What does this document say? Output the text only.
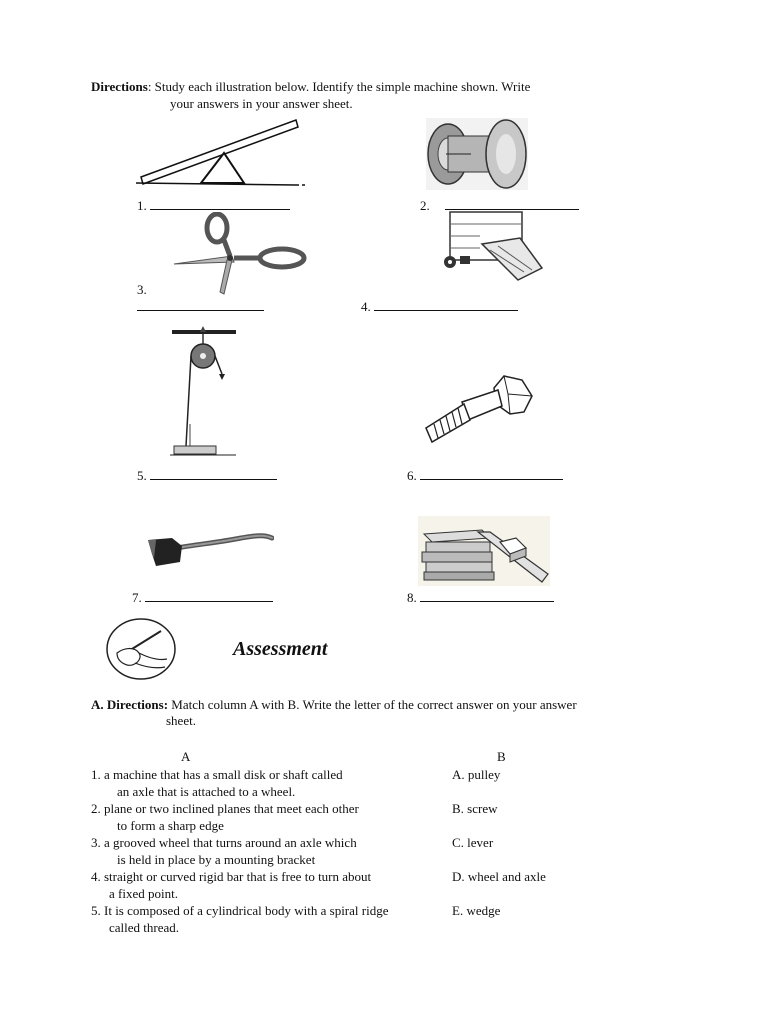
Directions: Study each illustration below. Identify the simple machine shown. Write
your answers in your answer sheet.
1.	2.
3.
4.
5.	6.
7.	8.
Assessment
A. Directions: Match column A with B. Write the letter of the correct answer on your answer
sheet.
A	B
1. a machine that has a small disk or shaft called
an axle that is attached to a wheel.
A. pulley
2. plane or two inclined planes that meet each other
to form a sharp edge
B. screw
3. a grooved wheel that turns around an axle which
is held in place by a mounting bracket
C. lever
4. straight or curved rigid bar that is free to turn about
a fixed point.
D. wheel and axle
5. It is composed of a cylindrical body with a spiral ridge
called thread.
E. wedge
